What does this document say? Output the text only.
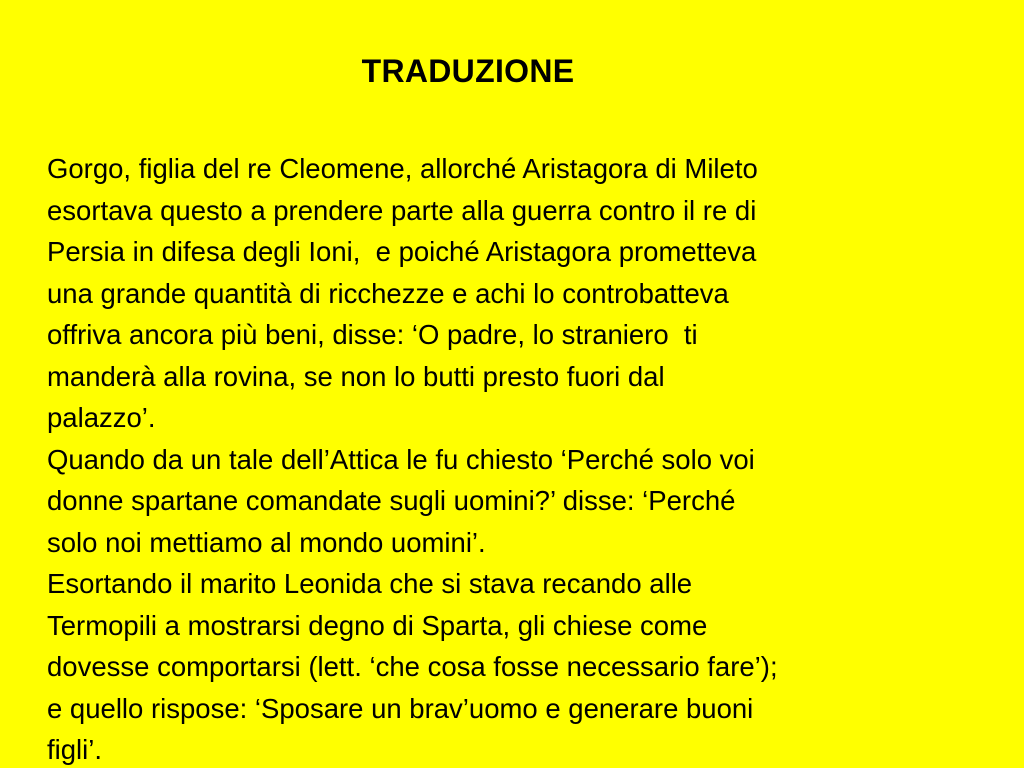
TRADUZIONE
Gorgo, figlia del re Cleomene, allorché Aristagora di Mileto
esortava questo a prendere parte alla guerra contro il re di
Persia in difesa degli Ioni,  e poiché Aristagora prometteva
una grande quantità di ricchezze e achi lo controbatteva
offriva ancora più beni, disse: ‘O padre, lo straniero  ti
manderà alla rovina, se non lo butti presto fuori dal
palazzo’.
Quando da un tale dell’Attica le fu chiesto ‘Perché solo voi
donne spartane comandate sugli uomini?’ disse: ‘Perché
solo noi mettiamo al mondo uomini’.
Esortando il marito Leonida che si stava recando alle
Termopili a mostrarsi degno di Sparta, gli chiese come
dovesse comportarsi (lett. ‘che cosa fosse necessario fare’);
e quello rispose: ‘Sposare un brav’uomo e generare buoni
figli’.
